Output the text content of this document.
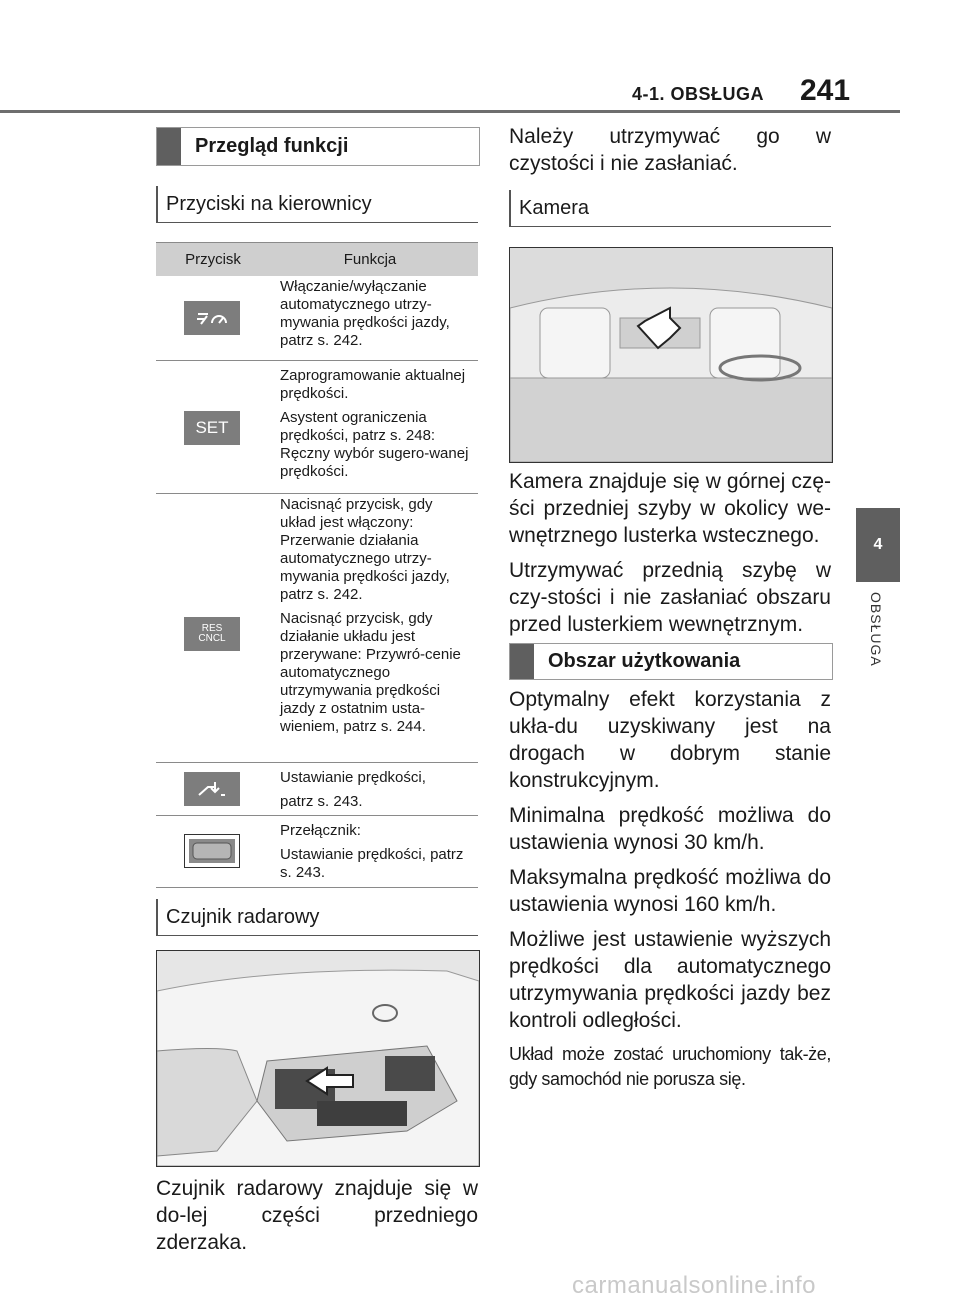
4-1. OBSŁUGA 241
4
OBSŁUGA
Przegląd funkcji
Przyciski na kierownicy
Przycisk	Funkcja

Włączanie/wyłączanie automatycznego utrzy-mywania prędkości jazdy, patrz s. 242.

SET

Zaprogramowanie aktualnej prędkości.

Asystent ograniczenia prędkości, patrz s. 248: Ręczny wybór sugero-wanej prędkości.

RES CNCL

Nacisnąć przycisk, gdy układ jest włączony: Przerwanie działania automatycznego utrzy-mywania prędkości jazdy, patrz s. 242.

Nacisnąć przycisk, gdy działanie układu jest przerywane: Przywró-cenie automatycznego utrzymywania prędkości jazdy z ostatnim usta-wieniem, patrz s. 244.

Ustawianie prędkości,

patrz s. 243.

Przełącznik:

Ustawianie prędkości, patrz s. 243.

Czujnik radarowy
Czujnik radarowy znajduje się w do-lej części przedniego zderzaka.
Należy utrzymywać go w czystości i nie zasłaniać.
Kamera

Kamera znajduje się w górnej czę-ści przedniej szyby w okolicy we-wnętrznego lusterka wstecznego.

Utrzymywać przednią szybę w czy-stości i nie zasłaniać obszaru przed lusterkiem wewnętrznym.

Obszar użytkowania

Optymalny efekt korzystania z ukła-du uzyskiwany jest na drogach w dobrym stanie konstrukcyjnym.

Minimalna prędkość możliwa do ustawienia wynosi 30 km/h.

Maksymalna prędkość możliwa do ustawienia wynosi 160 km/h.

Możliwe jest ustawienie wyższych prędkości dla automatycznego utrzymywania prędkości jazdy bez kontroli odległości.

Układ może zostać uruchomiony tak-że, gdy samochód nie porusza się.

carmanualsonline.info
